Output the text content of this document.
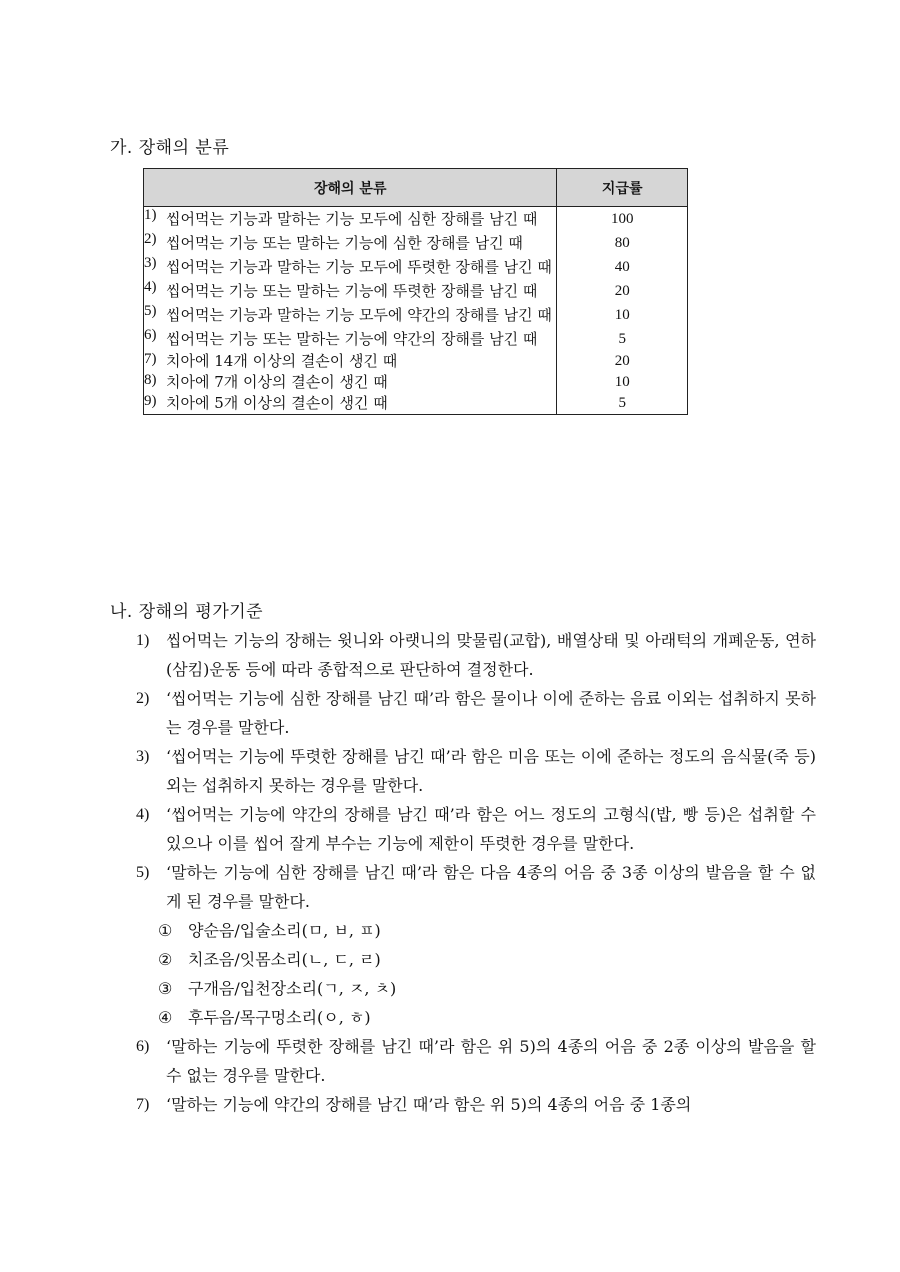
가. 장해의 분류
장해의 분류	지급률

1) 씹어먹는 기능과 말하는 기능 모두에 심한 장해를 남긴 때	100

2) 씹어먹는 기능 또는 말하는 기능에 심한 장해를 남긴 때	80

3) 씹어먹는 기능과 말하는 기능 모두에 뚜렷한 장해를 남긴 때	40

4) 씹어먹는 기능 또는 말하는 기능에 뚜렷한 장해를 남긴 때	20

5) 씹어먹는 기능과 말하는 기능 모두에 약간의 장해를 남긴 때	10

6) 씹어먹는 기능 또는 말하는 기능에 약간의 장해를 남긴 때	5

7) 치아에 14개 이상의 결손이 생긴 때	20

8) 치아에 7개 이상의 결손이 생긴 때	10

9) 치아에 5개 이상의 결손이 생긴 때	5
나. 장해의 평가기준
1)	씹어먹는 기능의 장해는 윗니와 아랫니의 맞물림(교합), 배열상태 및 아래턱의 개폐운동, 연하(삼킴)운동 등에 따라 종합적으로 판단하여 결정한다.
2)	‘씹어먹는 기능에 심한 장해를 남긴 때’라 함은 물이나 이에 준하는 음료 이외는 섭취하지 못하는 경우를 말한다.
3)	‘씹어먹는 기능에 뚜렷한 장해를 남긴 때’라 함은 미음 또는 이에 준하는 정도의 음식물(죽 등) 외는 섭취하지 못하는 경우를 말한다.
4)	‘씹어먹는 기능에 약간의 장해를 남긴 때’라 함은 어느 정도의 고형식(밥, 빵 등)은 섭취할 수 있으나 이를 씹어 잘게 부수는 기능에 제한이 뚜렷한 경우를 말한다.
5)	‘말하는 기능에 심한 장해를 남긴 때’라 함은 다음 4종의 어음 중 3종 이상의 발음을 할 수 없게 된 경우를 말한다.
① 양순음/입술소리(ㅁ, ㅂ, ㅍ)
② 치조음/잇몸소리(ㄴ, ㄷ, ㄹ)
③ 구개음/입천장소리(ㄱ, ㅈ, ㅊ)
④ 후두음/목구멍소리(ㅇ, ㅎ)
6)	‘말하는 기능에 뚜렷한 장해를 남긴 때’라 함은 위 5)의 4종의 어음 중 2종 이상의 발음을 할 수 없는 경우를 말한다.
7)	‘말하는 기능에 약간의 장해를 남긴 때’라 함은 위 5)의 4종의 어음 중 1종의
